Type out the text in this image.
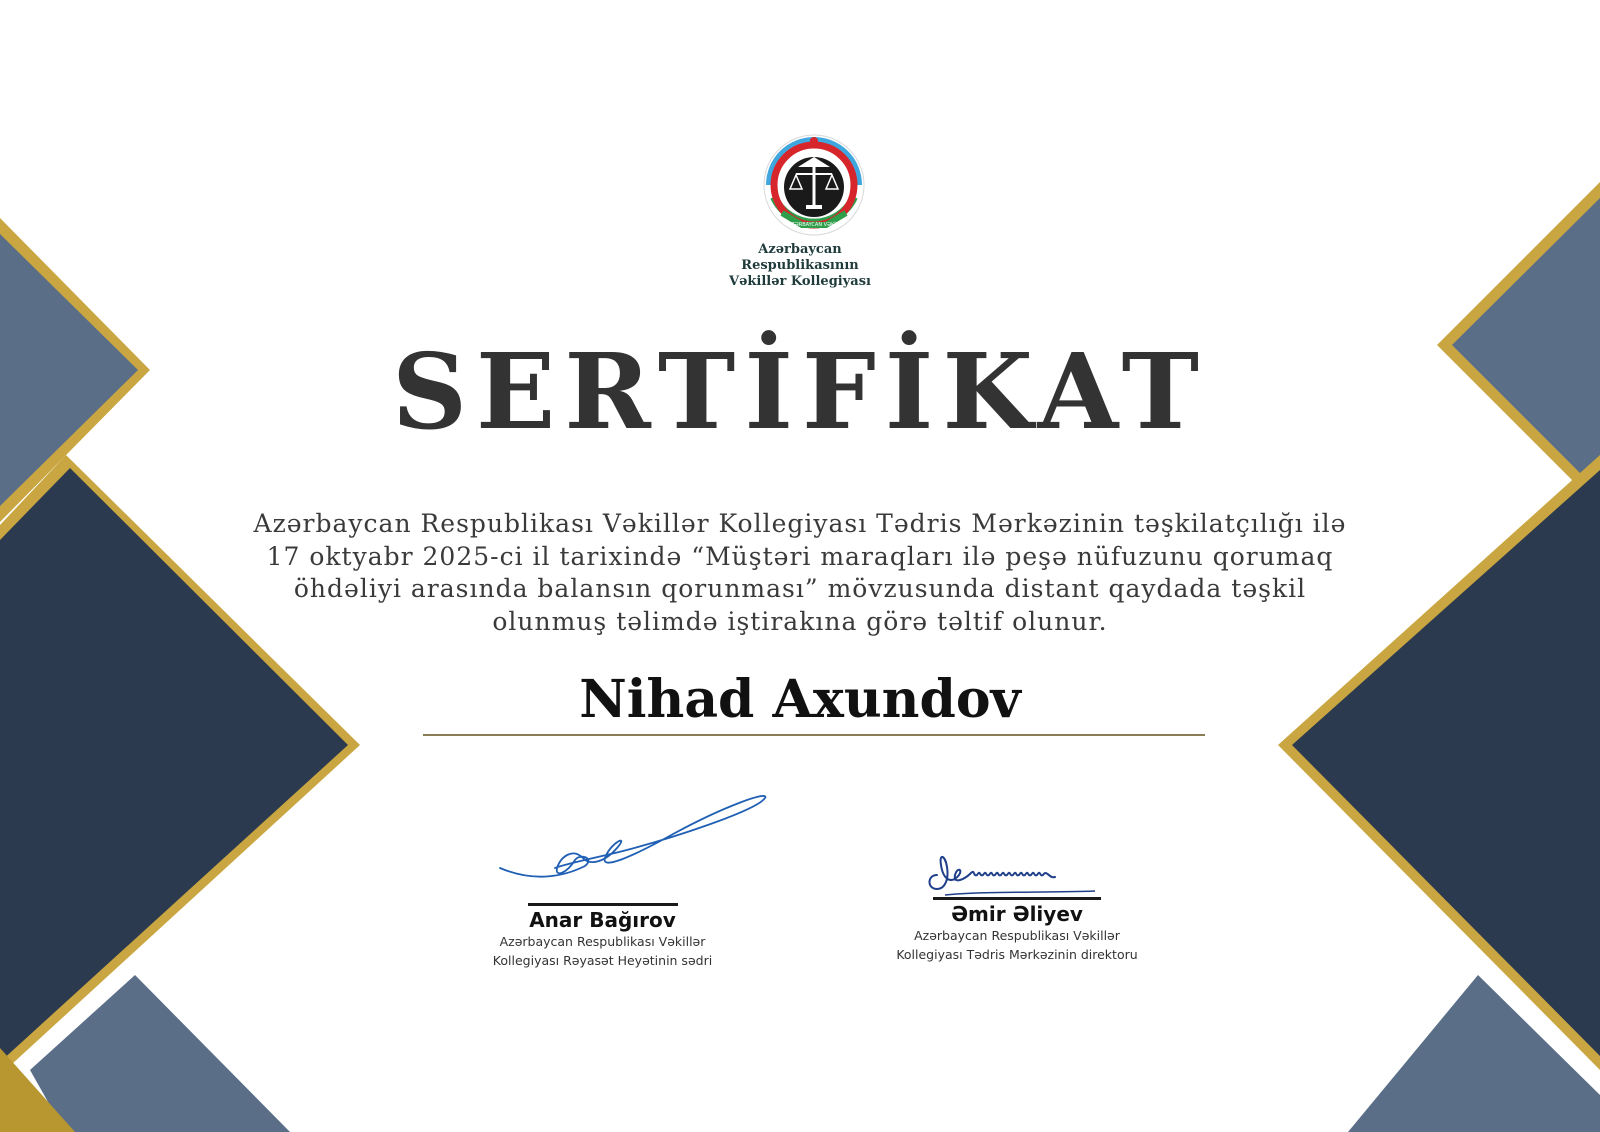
AZƏRBAYCAN VƏKİLİ
Azərbaycan
Respublikasının
Vəkillər Kollegiyası
SERTİFİKAT
Azərbaycan Respublikası Vəkillər Kollegiyası Tədris Mərkəzinin təşkilatçılığı ilə
17 oktyabr 2025-ci il tarixində “Müştəri maraqları ilə peşə nüfuzunu qorumaq
öhdəliyi arasında balansın qorunması” mövzusunda distant qaydada təşkil
olunmuş təlimdə iştirakına görə təltif olunur.
Nihad Axundov
Anar Bağırov
Azərbaycan Respublikası Vəkillər
Kollegiyası Rəyasət Heyətinin sədri
Əmir Əliyev
Azərbaycan Respublikası Vəkillər
Kollegiyası Tədris Mərkəzinin direktoru
